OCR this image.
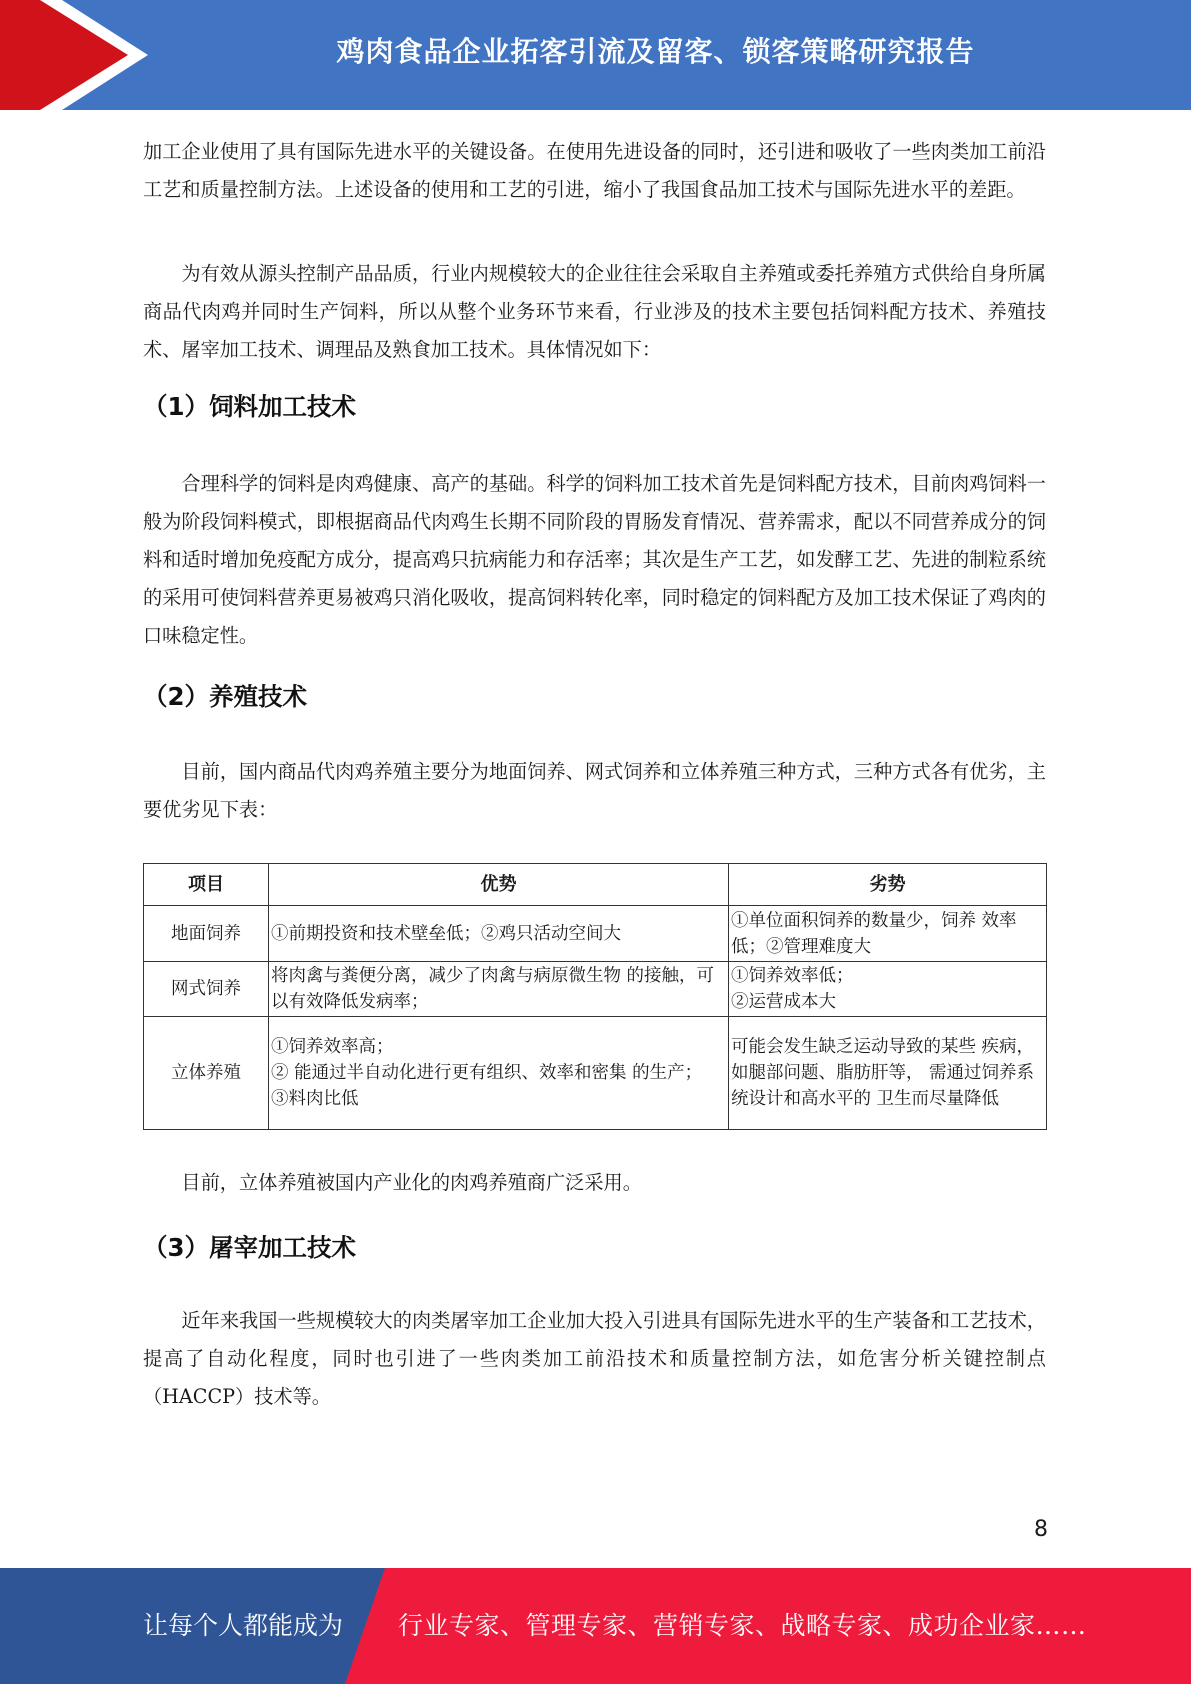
鸡肉食品企业拓客引流及留客、锁客策略研究报告

加工企业使用了具有国际先进水平的关键设备。在使用先进设备的同时，还引进和吸收了一些肉类加工前沿工艺和质量控制方法。上述设备的使用和工艺的引进，缩小了我国食品加工技术与国际先进水平的差距。

为有效从源头控制产品品质，行业内规模较大的企业往往会采取自主养殖或委托养殖方式供给自身所属商品代肉鸡并同时生产饲料，所以从整个业务环节来看，行业涉及的技术主要包括饲料配方技术、养殖技术、屠宰加工技术、调理品及熟食加工技术。具体情况如下：

（1）饲料加工技术

合理科学的饲料是肉鸡健康、高产的基础。科学的饲料加工技术首先是饲料配方技术，目前肉鸡饲料一般为阶段饲料模式，即根据商品代肉鸡生长期不同阶段的胃肠发育情况、营养需求，配以不同营养成分的饲料和适时增加免疫配方成分，提高鸡只抗病能力和存活率；其次是生产工艺，如发酵工艺、先进的制粒系统的采用可使饲料营养更易被鸡只消化吸收，提高饲料转化率，同时稳定的饲料配方及加工技术保证了鸡肉的口味稳定性。

（2）养殖技术

目前，国内商品代肉鸡养殖主要分为地面饲养、网式饲养和立体养殖三种方式，三种方式各有优劣，主要优劣见下表：

项目	优势	劣势
地面饲养	①前期投资和技术壁垒低；②鸡只活动空间大	①单位面积饲养的数量少，饲养 效率低；②管理难度大

网式饲养	将肉禽与粪便分离，减少了肉禽与病原微生物 的接触，可以有效降低发病率；	①饲养效率低；
②运营成本大

立体养殖	①饲养效率高；
② 能通过半自动化进行更有组织、效率和密集 的生产；
③料肉比低	可能会发生缺乏运动导致的某些 疾病，如腿部问题、脂肪肝等， 需通过饲养系统设计和高水平的 卫生而尽量降低

目前，立体养殖被国内产业化的肉鸡养殖商广泛采用。

（3）屠宰加工技术

近年来我国一些规模较大的肉类屠宰加工企业加大投入引进具有国际先进水平的生产装备和工艺技术，提高了自动化程度，同时也引进了一些肉类加工前沿技术和质量控制方法，如危害分析关键控制点（HACCP）技术等。

8
让每个人都能成为 行业专家、管理专家、营销专家、战略专家、成功企业家……
